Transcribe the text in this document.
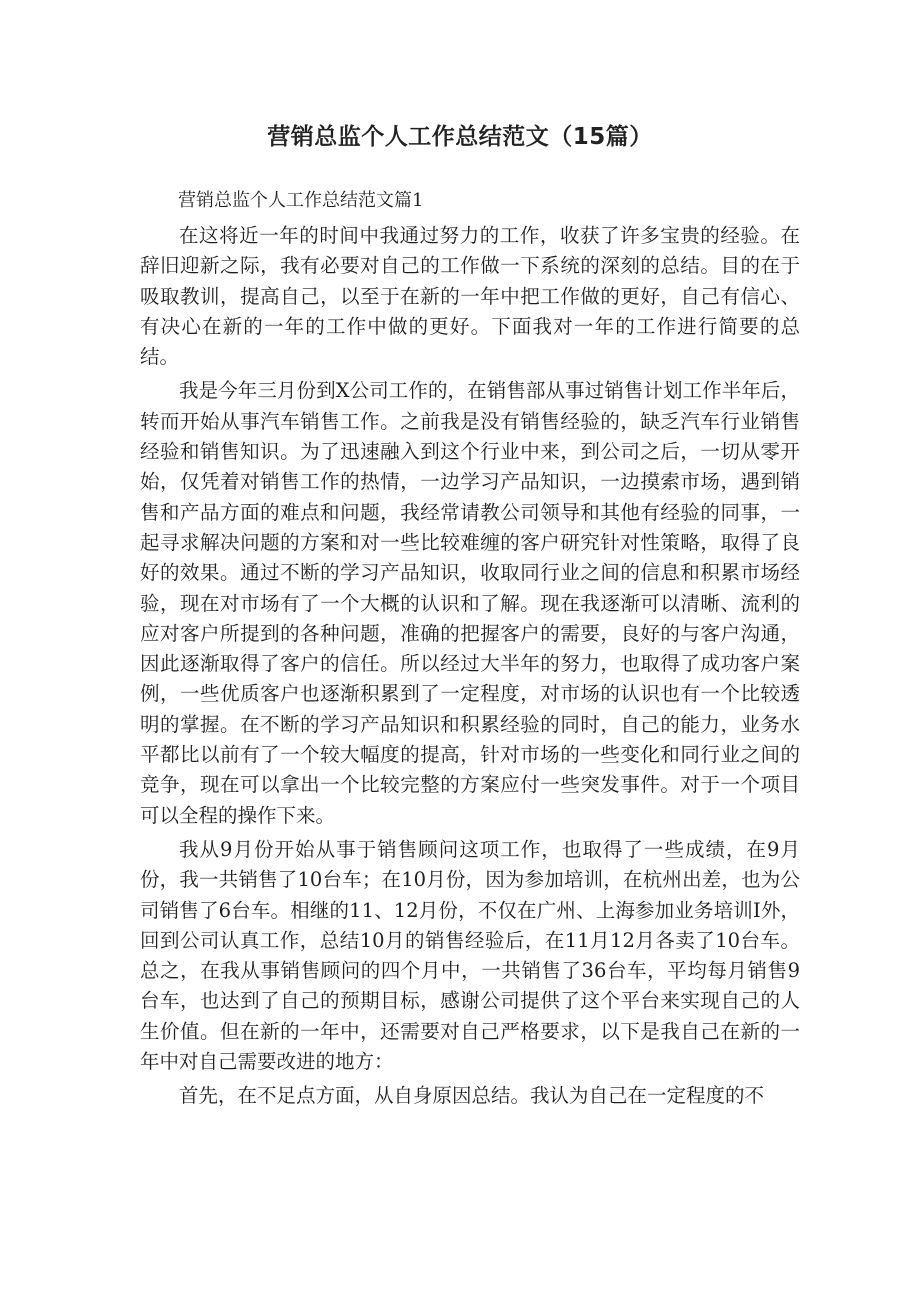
营销总监个人工作总结范文（15篇）

营销总监个人工作总结范文篇1

在这将近一年的时间中我通过努力的工作，收获了许多宝贵的经验。在辞旧迎新之际，我有必要对自己的工作做一下系统的深刻的总结。目的在于吸取教训，提高自己，以至于在新的一年中把工作做的更好，自己有信心、有决心在新的一年的工作中做的更好。下面我对一年的工作进行简要的总结。

我是今年三月份到X公司工作的，在销售部从事过销售计划工作半年后，转而开始从事汽车销售工作。之前我是没有销售经验的，缺乏汽车行业销售经验和销售知识。为了迅速融入到这个行业中来，到公司之后，一切从零开始，仅凭着对销售工作的热情，一边学习产品知识，一边摸索市场，遇到销售和产品方面的难点和问题，我经常请教公司领导和其他有经验的同事，一起寻求解决问题的方案和对一些比较难缠的客户研究针对性策略，取得了良好的效果。通过不断的学习产品知识，收取同行业之间的信息和积累市场经验，现在对市场有了一个大概的认识和了解。现在我逐渐可以清晰、流利的应对客户所提到的各种问题，准确的把握客户的需要，良好的与客户沟通，因此逐渐取得了客户的信任。所以经过大半年的努力，也取得了成功客户案例，一些优质客户也逐渐积累到了一定程度，对市场的认识也有一个比较透明的掌握。在不断的学习产品知识和积累经验的同时，自己的能力，业务水平都比以前有了一个较大幅度的提高，针对市场的一些变化和同行业之间的竞争，现在可以拿出一个比较完整的方案应付一些突发事件。对于一个项目可以全程的操作下来。

我从9月份开始从事于销售顾问这项工作，也取得了一些成绩，在9月份，我一共销售了10台车；在10月份，因为参加培训，在杭州出差，也为公司销售了6台车。相继的11、12月份，不仅在广州、上海参加业务培训I外，回到公司认真工作，总结10月的销售经验后，在11月12月各卖了10台车。总之，在我从事销售顾问的四个月中，一共销售了36台车，平均每月销售9台车，也达到了自己的预期目标，感谢公司提供了这个平台来实现自己的人生价值。但在新的一年中，还需要对自己严格要求，以下是我自己在新的一年中对自己需要改进的地方：

首先，在不足点方面，从自身原因总结。我认为自己在一定程度的不
